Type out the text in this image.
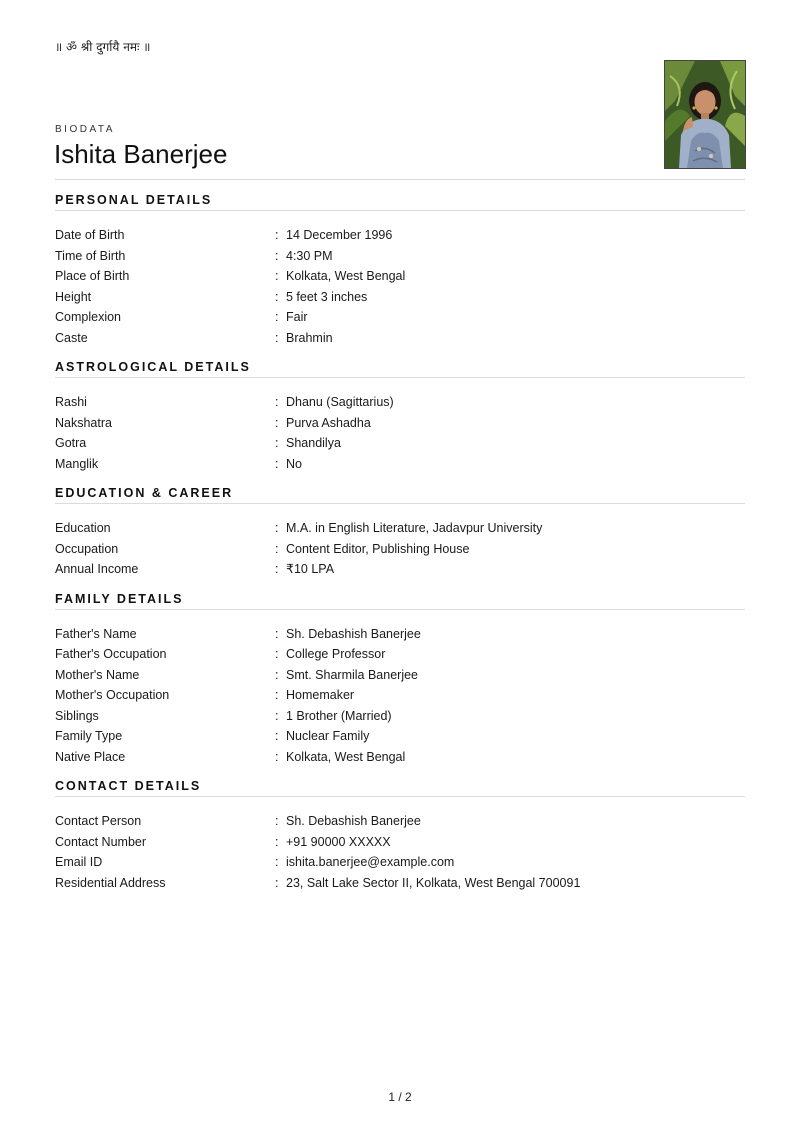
॥ ॐ श्री दुर्गायै नमः ॥
BIODATA
Ishita Banerjee
PERSONAL DETAILS
Date of Birth	: 14 December 1996
Time of Birth	: 4:30 PM
Place of Birth	: Kolkata, West Bengal
Height	: 5 feet 3 inches
Complexion	: Fair
Caste	: Brahmin
ASTROLOGICAL DETAILS
Rashi	: Dhanu (Sagittarius)
Nakshatra	: Purva Ashadha
Gotra	: Shandilya
Manglik	: No
EDUCATION & CAREER
Education	: M.A. in English Literature, Jadavpur University
Occupation	: Content Editor, Publishing House
Annual Income	: ₹10 LPA
FAMILY DETAILS
Father's Name	: Sh. Debashish Banerjee
Father's Occupation	: College Professor
Mother's Name	: Smt. Sharmila Banerjee
Mother's Occupation	: Homemaker
Siblings	: 1 Brother (Married)
Family Type	: Nuclear Family
Native Place	: Kolkata, West Bengal
CONTACT DETAILS
Contact Person	: Sh. Debashish Banerjee
Contact Number	: +91 90000 XXXXX
Email ID	: ishita.banerjee@example.com
Residential Address	: 23, Salt Lake Sector II, Kolkata, West Bengal 700091
1 / 2
